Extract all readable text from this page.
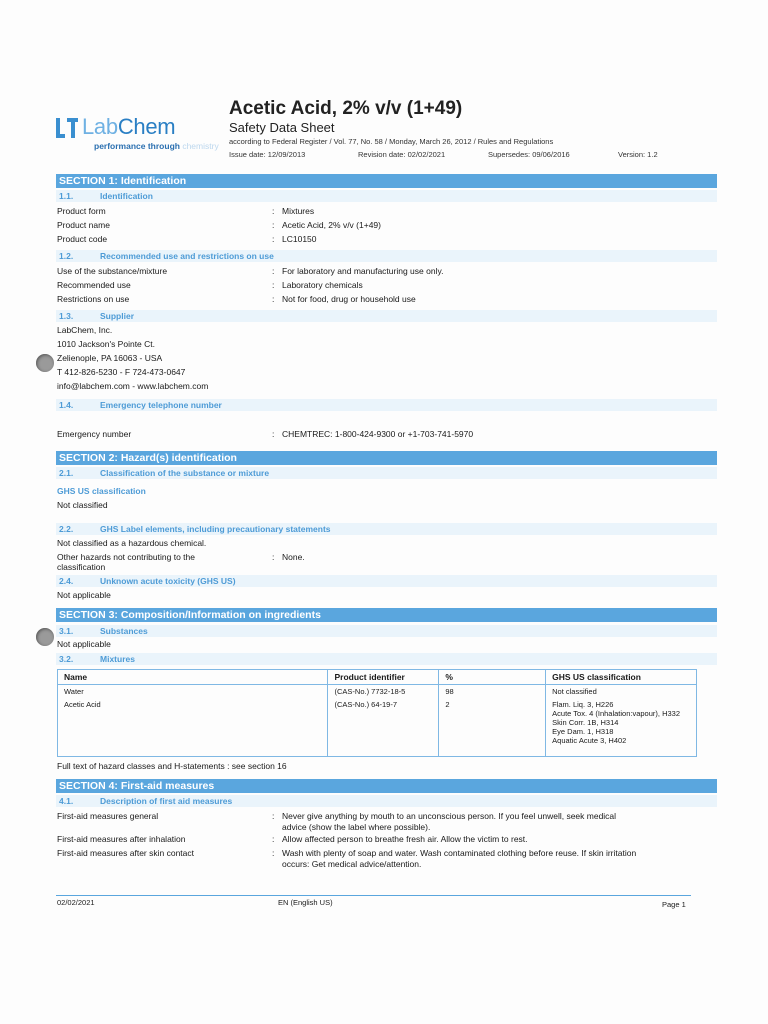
LabChem
performance through chemistry
Acetic Acid, 2% v/v (1+49)
Safety Data Sheet
according to Federal Register / Vol. 77, No. 58 / Monday, March 26, 2012 / Rules and Regulations
Issue date: 12/09/2013	Revision date: 02/02/2021	Supersedes: 09/06/2016	Version: 1.2
SECTION 1: Identification
1.1.	Identification
Product form	: Mixtures
Product name	: Acetic Acid, 2% v/v (1+49)
Product code	: LC10150
1.2.	Recommended use and restrictions on use
Use of the substance/mixture	: For laboratory and manufacturing use only.
Recommended use	: Laboratory chemicals
Restrictions on use	: Not for food, drug or household use
1.3.	Supplier
LabChem, Inc.
1010 Jackson's Pointe Ct.
Zelienople, PA 16063 - USA
T 412-826-5230 - F 724-473-0647
info@labchem.com - www.labchem.com
1.4.	Emergency telephone number
Emergency number	: CHEMTREC: 1-800-424-9300 or +1-703-741-5970
SECTION 2: Hazard(s) identification
2.1.	Classification of the substance or mixture
GHS US classification
Not classified
2.2.	GHS Label elements, including precautionary statements
Not classified as a hazardous chemical.
Other hazards not contributing to the
classification
: None.
2.4.	Unknown acute toxicity (GHS US)
Not applicable
SECTION 3: Composition/Information on ingredients
3.1.	Substances
Not applicable
3.2.	Mixtures
Name	Product identifier	%	GHS US classification
Water	(CAS-No.) 7732-18-5	98	Not classified
Acetic Acid	(CAS-No.) 64-19-7	2	Flam. Liq. 3, H226
Acute Tox. 4 (Inhalation:vapour), H332
Skin Corr. 1B, H314
Eye Dam. 1, H318
Aquatic Acute 3, H402
Full text of hazard classes and H-statements : see section 16
SECTION 4: First-aid measures
4.1.	Description of first aid measures
First-aid measures general	: Never give anything by mouth to an unconscious person. If you feel unwell, seek medical
advice (show the label where possible).
First-aid measures after inhalation	: Allow affected person to breathe fresh air. Allow the victim to rest.
First-aid measures after skin contact	: Wash with plenty of soap and water. Wash contaminated clothing before reuse. If skin irritation
occurs: Get medical advice/attention.
02/02/2021	EN (English US)	Page 1
